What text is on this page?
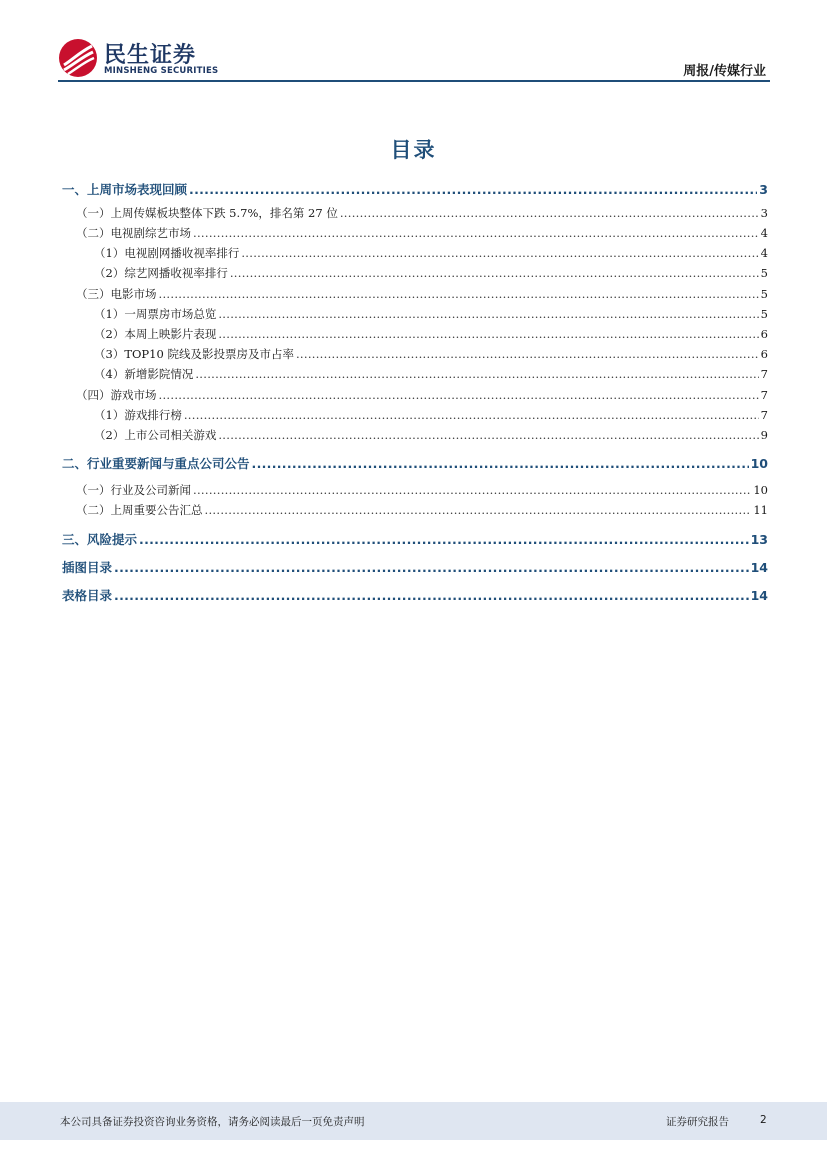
民生证券
MINSHENG SECURITIES	周报/传媒行业
目录
一、上周市场表现回顾 .....	3
（一）上周传媒板块整体下跌 5.7%，排名第 27 位 .....	3
（二）电视剧综艺市场 .....	4
（1）电视剧网播收视率排行 .....	4
（2）综艺网播收视率排行 .....	5
（三）电影市场 .....	5
（1）一周票房市场总览 .....	5
（2）本周上映影片表现 .....	6
（3）TOP10 院线及影投票房及市占率 .....	6
（4）新增影院情况 .....	7
（四）游戏市场 .....	7
（1）游戏排行榜 .....	7
（2）上市公司相关游戏 .....	9
二、行业重要新闻与重点公司公告 .....	10
（一）行业及公司新闻 .....	10
（二）上周重要公告汇总 .....	11
三、风险提示 .....	13
插图目录 .....	14
表格目录 .....	14
本公司具备证券投资咨询业务资格，请务必阅读最后一页免责声明	证券研究报告	2
